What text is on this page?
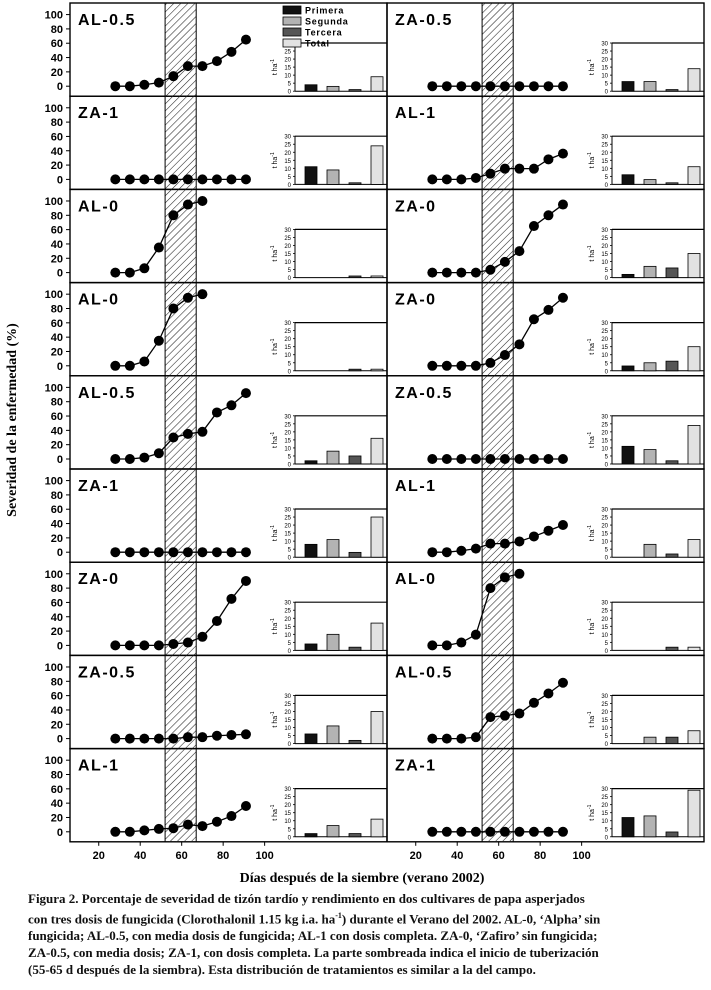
Severidad de la enfermedad (%)
AL-0.5
0
20
40
60
80
100
0
5
10
15
20
25
t $ha^{-1}$
ZA-0.5
0
5
10
15
20
25
30
t $ha^{-1}$
ZA-1
0
20
40
60
80
100
0
5
10
15
20
25
30
t $ha^{-1}$
AL-1
0
5
10
15
20
25
30
t $ha^{-1}$
AL-0
0
20
40
60
80
100
0
5
10
15
20
25
30
t $ha^{-1}$
ZA-0
0
5
10
15
20
25
30
t $ha^{-1}$
AL-0
0
20
40
60
80
100
0
5
10
15
20
25
30
t $ha^{-1}$
ZA-0
0
5
10
15
20
25
30
t $ha^{-1}$
AL-0.5
0
20
40
60
80
100
0
5
10
15
20
25
30
t $ha^{-1}$
ZA-0.5
0
5
10
15
20
25
30
t $ha^{-1}$
ZA-1
0
20
40
60
80
100
0
5
10
15
20
25
30
t $ha^{-1}$
AL-1
0
5
10
15
20
25
30
t $ha^{-1}$
ZA-0
0
20
40
60
80
100
0
5
10
15
20
25
30
t $ha^{-1}$
AL-0
0
5
10
15
20
25
30
t $ha^{-1}$
ZA-0.5
0
20
40
60
80
100
0
5
10
15
20
25
30
t $ha^{-1}$
AL-0.5
0
5
10
15
20
25
30
t $ha^{-1}$
AL-1
0
20
40
60
80
100
0
5
10
15
20
25
30
t $ha^{-1}$
ZA-1
0
5
10
15
20
25
30
t $ha^{-1}$
20	40	60	80 100	20	40	60	80 100
Días después de la siembre (verano 2002)
Primera
Segunda
Tercera
Total
Figura 2. Porcentaje de severidad de tizón tardío y rendimiento en dos cultivares de papa asperjados
con tres dosis de fungicida (Clorothalonil 1.15 kg i.a. $ha^{-1}$) durante el Verano del 2002. AL-0, ‘Alpha’ sin
fungicida; AL-0.5, con media dosis de fungicida; AL-1 con dosis completa. ZA-0, ‘Zafiro’ sin fungicida;
ZA-0.5, con media dosis; ZA-1, con dosis completa. La parte sombreada indica el inicio de tuberización
(55-65 d después de la siembra). Esta distribución de tratamientos es similar a la del campo.
